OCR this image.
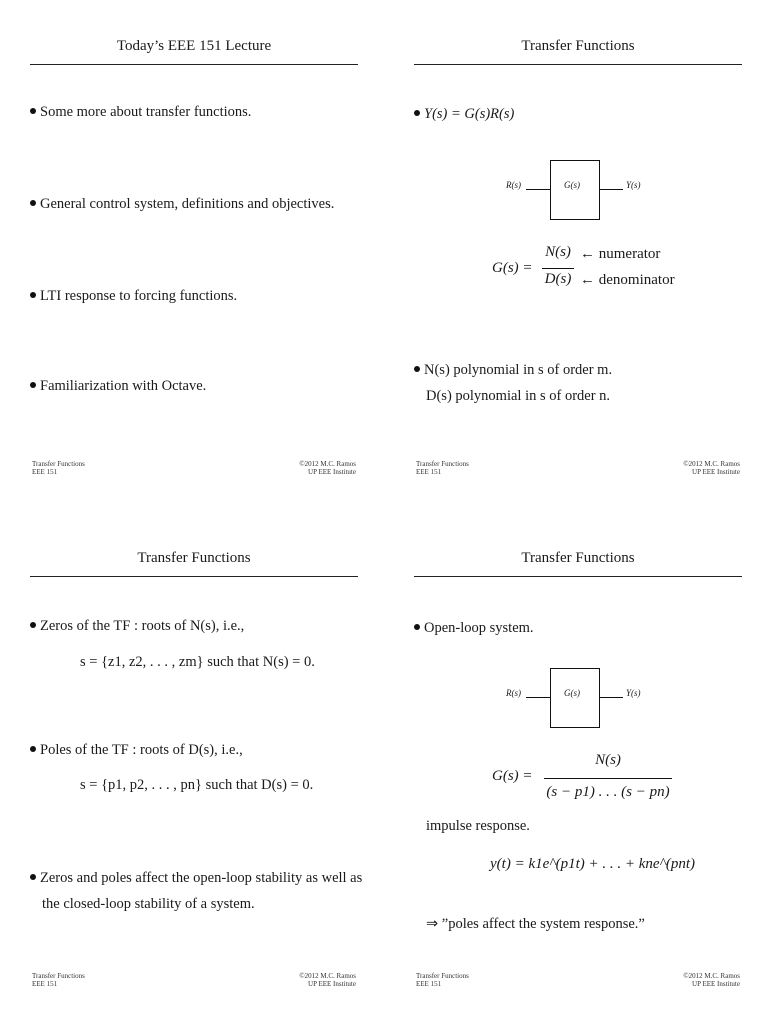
Today’s EEE 151 Lecture
Some more about transfer functions.
General control system, definitions and objectives.
LTI response to forcing functions.
Familiarization with Octave.
Transfer Functions
EEE 151
©2012 M.C. Ramos
UP EEE Institute
Transfer Functions
Y(s) = G(s)R(s)
R(s)	G(s)	Y(s)
G(s) =
N(s)
D(s)
← numerator
← denominator
N(s) polynomial in s of order m.
D(s) polynomial in s of order n.
Transfer Functions
EEE 151
©2012 M.C. Ramos
UP EEE Institute
Transfer Functions
Zeros of the TF : roots of N(s), i.e.,
s = {z1, z2, . . . , zm} such that N(s) = 0.
Poles of the TF : roots of D(s), i.e.,
s = {p1, p2, . . . , pn} such that D(s) = 0.
Zeros and poles affect the open-loop stability as well as
the closed-loop stability of a system.
Transfer Functions
EEE 151
©2012 M.C. Ramos
UP EEE Institute
Transfer Functions
Open-loop system.
R(s)	G(s)	Y(s)
G(s) =
N(s)
(s − p1) . . . (s − pn)
impulse response.
y(t) = k1e^(p1t) + . . . + kne^(pnt)
⇒ ”poles affect the system response.”
Transfer Functions
EEE 151
©2012 M.C. Ramos
UP EEE Institute
